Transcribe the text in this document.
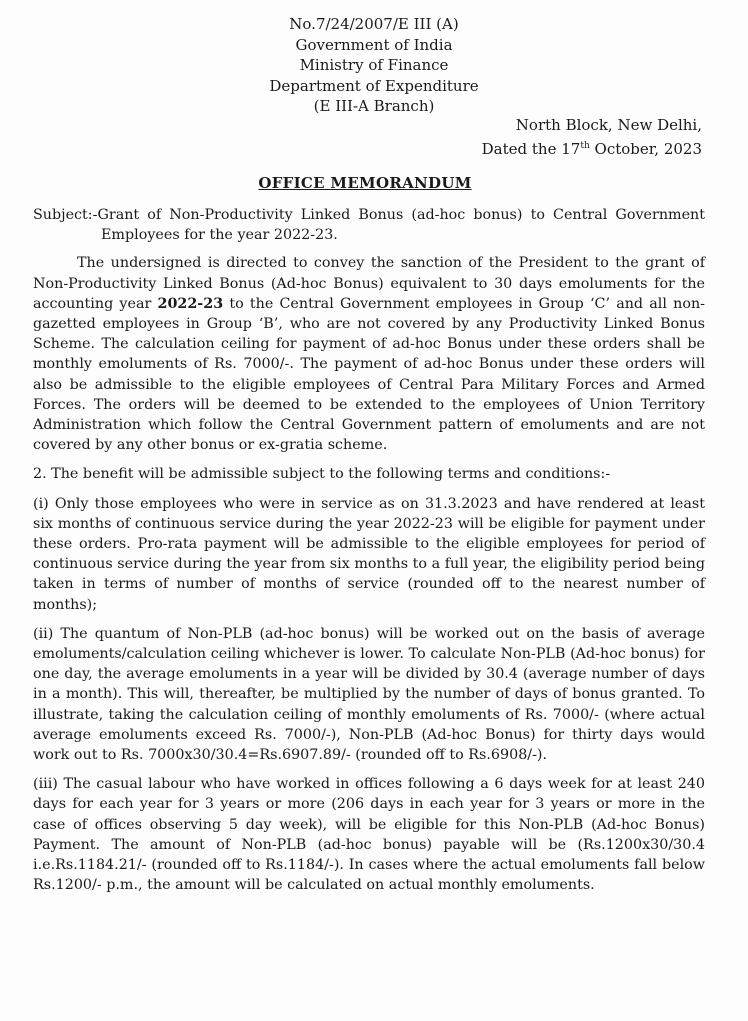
No.7/24/2007/E III (A)
Government of India
Ministry of Finance
Department of Expenditure
(E III-A Branch)
North Block, New Delhi,
Dated the 17th October, 2023
OFFICE MEMORANDUM

Subject:-Grant of Non-Productivity Linked Bonus (ad-hoc bonus) to Central Government Employees for the year 2022-23.

The undersigned is directed to convey the sanction of the President to the grant of Non-Productivity Linked Bonus (Ad-hoc Bonus) equivalent to 30 days emoluments for the accounting year 2022-23 to the Central Government employees in Group ‘C’ and all non-gazetted employees in Group ‘B’, who are not covered by any Productivity Linked Bonus Scheme. The calculation ceiling for payment of ad-hoc Bonus under these orders shall be monthly emoluments of Rs. 7000/-. The payment of ad-hoc Bonus under these orders will also be admissible to the eligible employees of Central Para Military Forces and Armed Forces. The orders will be deemed to be extended to the employees of Union Territory Administration which follow the Central Government pattern of emoluments and are not covered by any other bonus or ex-gratia scheme.

2. The benefit will be admissible subject to the following terms and conditions:-

(i) Only those employees who were in service as on 31.3.2023 and have rendered at least six months of continuous service during the year 2022-23 will be eligible for payment under these orders. Pro-rata payment will be admissible to the eligible employees for period of continuous service during the year from six months to a full year, the eligibility period being taken in terms of number of months of service (rounded off to the nearest number of months);

(ii) The quantum of Non-PLB (ad-hoc bonus) will be worked out on the basis of average emoluments/calculation ceiling whichever is lower. To calculate Non-PLB (Ad-hoc bonus) for one day, the average emoluments in a year will be divided by 30.4 (average number of days in a month). This will, thereafter, be multiplied by the number of days of bonus granted. To illustrate, taking the calculation ceiling of monthly emoluments of Rs. 7000/- (where actual average emoluments exceed Rs. 7000/-), Non-PLB (Ad-hoc Bonus) for thirty days would work out to Rs. 7000x30/30.4=Rs.6907.89/- (rounded off to Rs.6908/-).

(iii) The casual labour who have worked in offices following a 6 days week for at least 240 days for each year for 3 years or more (206 days in each year for 3 years or more in the case of offices observing 5 day week), will be eligible for this Non-PLB (Ad-hoc Bonus) Payment. The amount of Non-PLB (ad-hoc bonus) payable will be (Rs.1200x30/30.4 i.e.Rs.1184.21/- (rounded off to Rs.1184/-). In cases where the actual emoluments fall below Rs.1200/- p.m., the amount will be calculated on actual monthly emoluments.
